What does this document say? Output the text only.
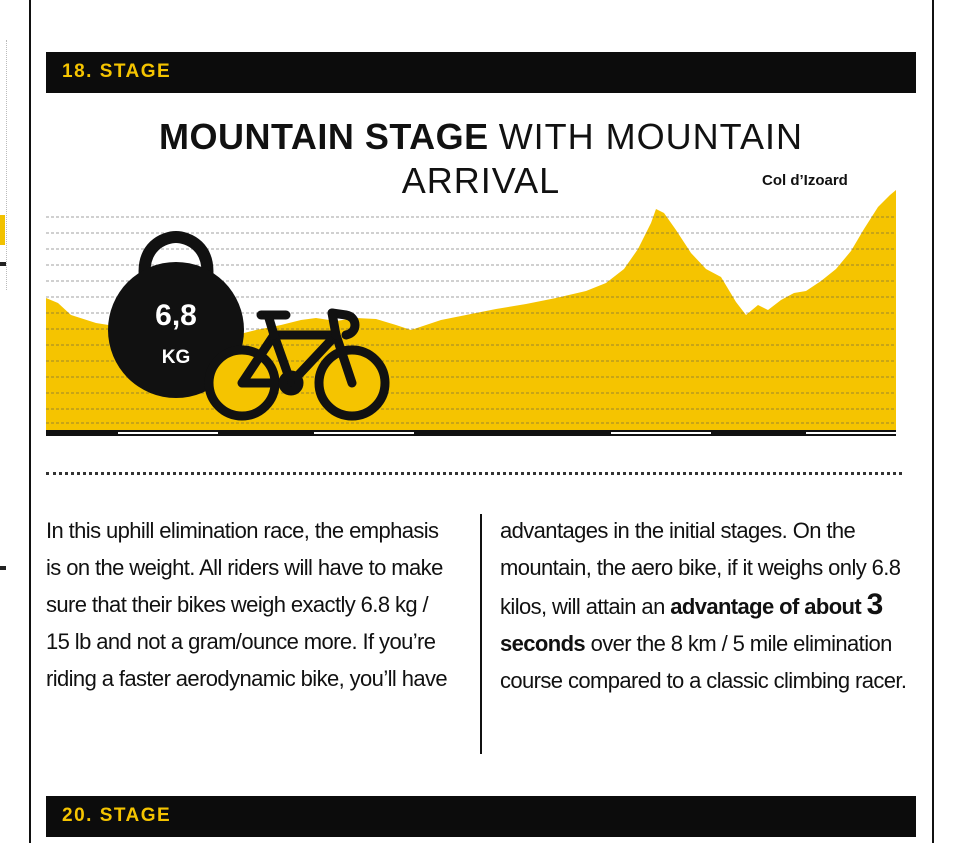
18. STAGE
MOUNTAIN STAGE WITH MOUNTAIN
ARRIVAL	Col d’Izoard
6,8
KG
In this uphill elimination race, the emphasis is on the weight. All riders will have to make sure that their bikes weigh exactly 6.8 kg / 15 lb and not a gram/ounce more. If you’re riding a faster aerodynamic bike, you’ll have
advantages in the initial stages. On the mountain, the aero bike, if it weighs only 6.8 kilos, will attain an advantage of about 3 seconds over the 8 km / 5 mile elimination course compared to a classic climbing racer.
20. STAGE
